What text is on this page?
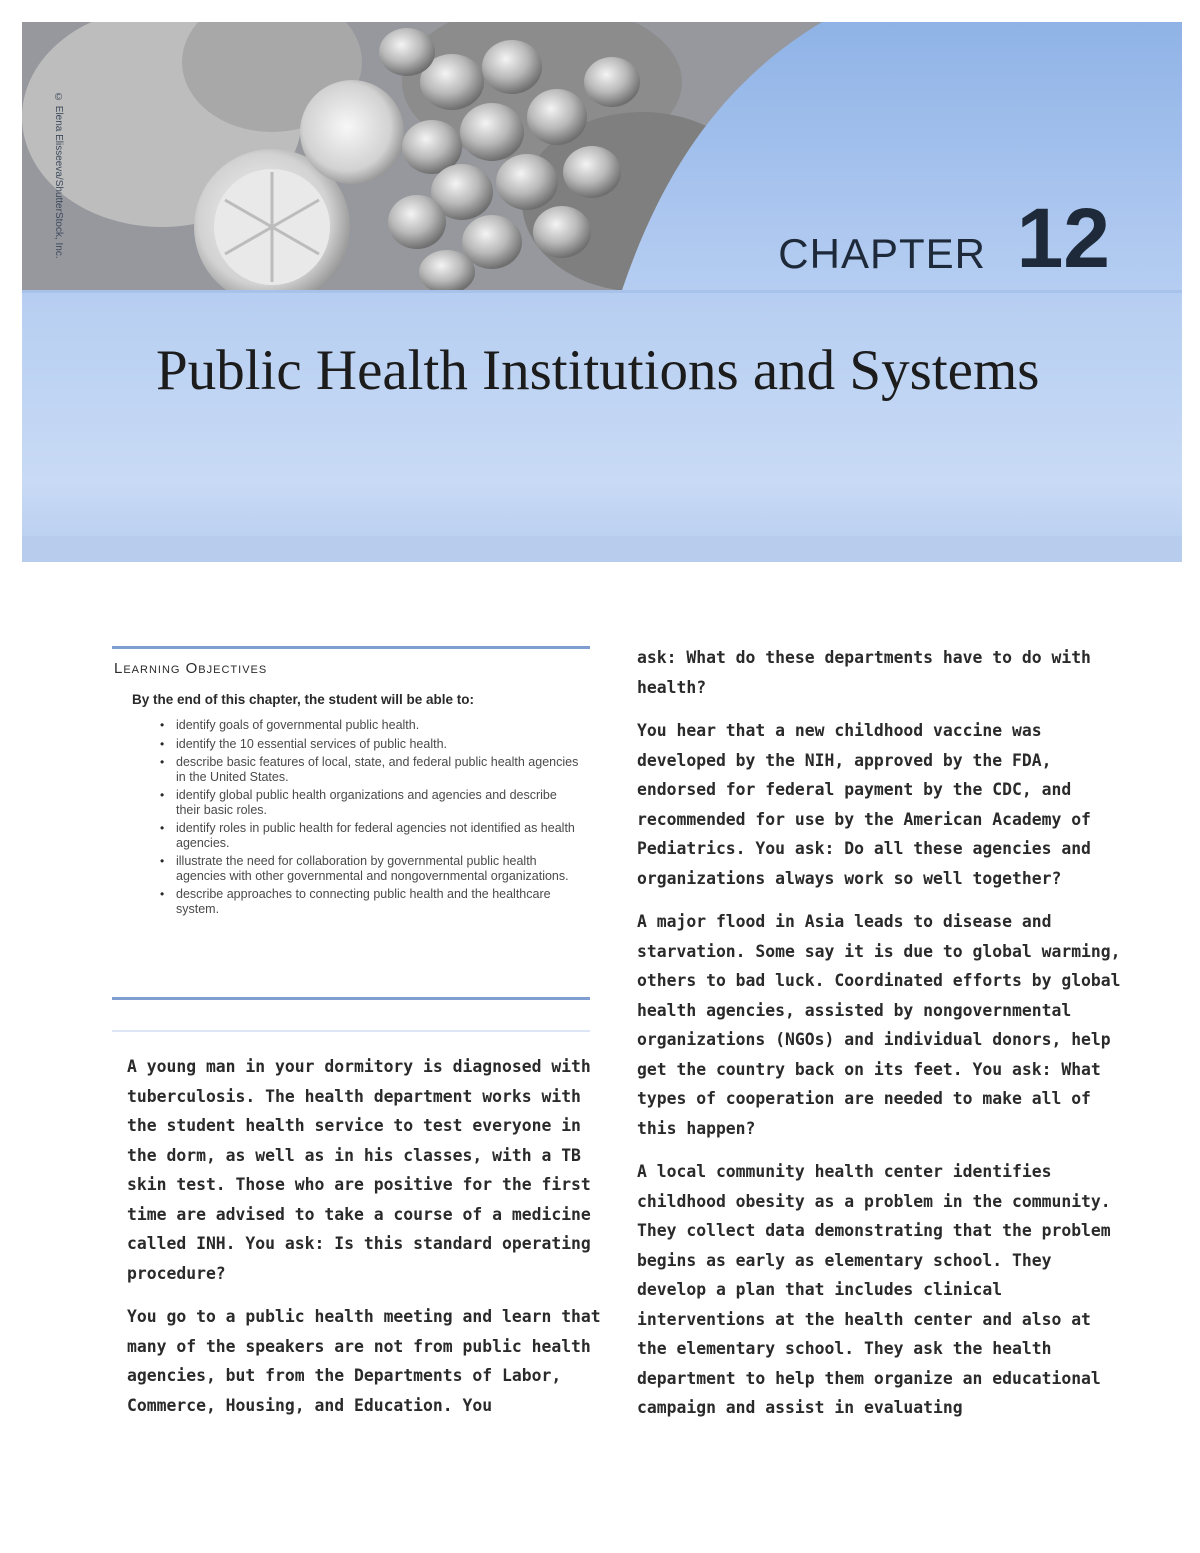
© Elena Elisseeva/ShutterStock, Inc.	CHAPTER 12
Public Health Institutions and Systems
Learning Objectives
By the end of this chapter, the student will be able to:
• identify goals of governmental public health.
• identify the 10 essential services of public health.
• describe basic features of local, state, and federal public health agencies in the United States.
• identify global public health organizations and agencies and describe their basic roles.
• identify roles in public health for federal agencies not identified as health agencies.
• illustrate the need for collaboration by governmental public health agencies with other governmental and nongovernmental organizations.
• describe approaches to connecting public health and the healthcare system.

A young man in your dormitory is diagnosed with tuberculosis. The health department works with the student health service to test everyone in the dorm, as well as in his classes, with a TB skin test. Those who are positive for the first time are advised to take a course of a medicine called INH. You ask: Is this standard operating procedure?

You go to a public health meeting and learn that many of the speakers are not from public health agencies, but from the Departments of Labor, Commerce, Housing, and Education. You

ask: What do these departments have to do with health?

You hear that a new childhood vaccine was developed by the NIH, approved by the FDA, endorsed for federal payment by the CDC, and recommended for use by the American Academy of Pediatrics. You ask: Do all these agencies and organizations always work so well together?

A major flood in Asia leads to disease and starvation. Some say it is due to global warming, others to bad luck. Coordinated efforts by global health agencies, assisted by nongovernmental organizations (NGOs) and individual donors, help get the country back on its feet. You ask: What types of cooperation are needed to make all of this happen?

A local community health center identifies childhood obesity as a problem in the community. They collect data demonstrating that the problem begins as early as elementary school. They develop a plan that includes clinical interventions at the health center and also at the elementary school. They ask the health department to help them organize an educational campaign and assist in evaluating
